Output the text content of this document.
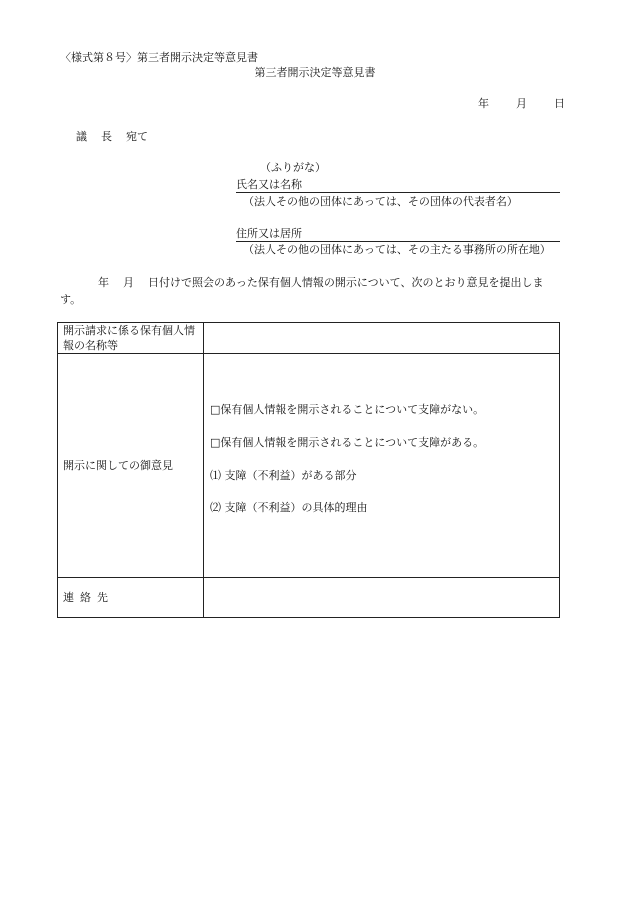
〈様式第８号〉第三者開示決定等意見書
第三者開示決定等意見書
年 月 日
議 長 宛て
（ふりがな）
氏名又は名称
（法人その他の団体にあっては、その団体の代表者名）
住所又は居所
（法人その他の団体にあっては、その主たる事務所の所在地）
年 月 日付けで照会のあった保有個人情報の開示について、次のとおり意見を提出します。
開示請求に係る保有個人情報の名称等	
開示に関しての御意見	□保有個人情報を開示されることについて支障がない。
□保有個人情報を開示されることについて支障がある。
⑴ 支障（不利益）がある部分
⑵ 支障（不利益）の具体的理由

連 絡 先	
